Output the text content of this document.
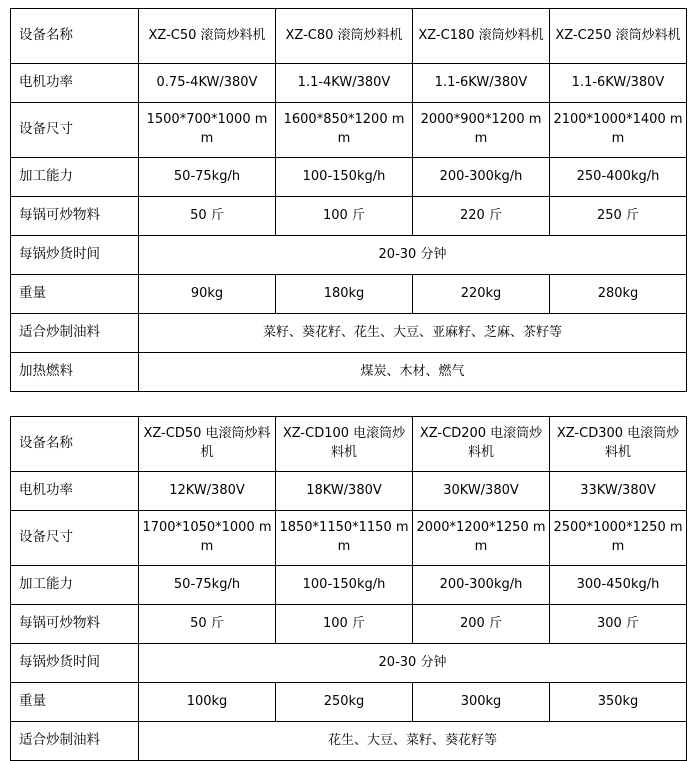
设备名称	XZ-C50 滚筒炒料机	XZ-C80 滚筒炒料机	XZ-C180 滚筒炒料机	XZ-C250 滚筒炒料机
电机功率	0.75-4KW/380V	1.1-4KW/380V	1.1-6KW/380V	1.1-6KW/380V
设备尺寸	1500*700*1000 mm	1600*850*1200 mm	2000*900*1200 mm	2100*1000*1400 mm
加工能力	50-75kg/h	100-150kg/h	200-300kg/h	250-400kg/h
每锅可炒物料	50 斤	100 斤	220 斤	250 斤
每锅炒货时间	20-30 分钟			
重量	90kg	180kg	220kg	280kg
适合炒制油料	菜籽、葵花籽、花生、大豆、亚麻籽、芝麻、茶籽等			
加热燃料	煤炭、木材、燃气			
设备名称	XZ-CD50 电滚筒炒料机	XZ-CD100 电滚筒炒料机	XZ-CD200 电滚筒炒料机	XZ-CD300 电滚筒炒料机
电机功率	12KW/380V	18KW/380V	30KW/380V	33KW/380V
设备尺寸	1700*1050*1000 mm	1850*1150*1150 mm	2000*1200*1250 mm	2500*1000*1250 mm
加工能力	50-75kg/h	100-150kg/h	200-300kg/h	300-450kg/h
每锅可炒物料	50 斤	100 斤	200 斤	300 斤
每锅炒货时间	20-30 分钟			
重量	100kg	250kg	300kg	350kg
适合炒制油料	花生、大豆、菜籽、葵花籽等			
